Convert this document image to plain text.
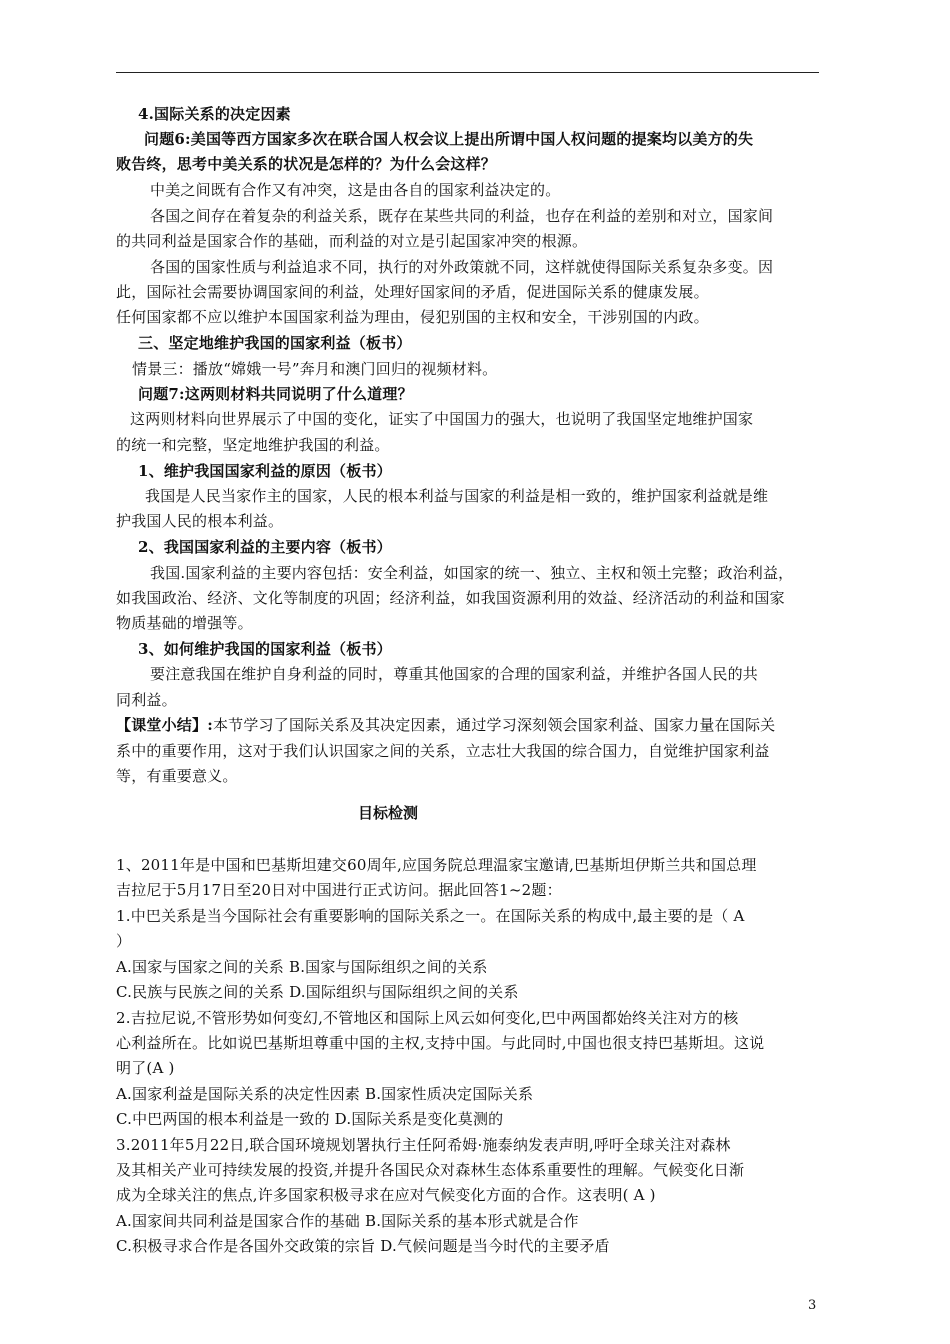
4.国际关系的决定因素
问题6:美国等西方国家多次在联合国人权会议上提出所谓中国人权问题的提案均以美方的失
败告终，思考中美关系的状况是怎样的？为什么会这样？
中美之间既有合作又有冲突，这是由各自的国家利益决定的。
各国之间存在着复杂的利益关系，既存在某些共同的利益，也存在利益的差别和对立，国家间
的共同利益是国家合作的基础，而利益的对立是引起国家冲突的根源。
各国的国家性质与利益追求不同，执行的对外政策就不同，这样就使得国际关系复杂多变。因
此，国际社会需要协调国家间的利益，处理好国家间的矛盾，促进国际关系的健康发展。
任何国家都不应以维护本国国家利益为理由，侵犯别国的主权和安全，干涉别国的内政。
三、坚定地维护我国的国家利益（板书）
情景三：播放“嫦娥一号”奔月和澳门回归的视频材料。
问题7:这两则材料共同说明了什么道理？
这两则材料向世界展示了中国的变化，证实了中国国力的强大，也说明了我国坚定地维护国家
的统一和完整，坚定地维护我国的利益。
1、维护我国国家利益的原因（板书）
我国是人民当家作主的国家，人民的根本利益与国家的利益是相一致的，维护国家利益就是维
护我国人民的根本利益。
2、我国国家利益的主要内容（板书）
我国.国家利益的主要内容包括：安全利益，如国家的统一、独立、主权和领土完整；政治利益，
如我国政治、经济、文化等制度的巩固；经济利益，如我国资源利用的效益、经济活动的利益和国家
物质基础的增强等。
3、如何维护我国的国家利益（板书）
要注意我国在维护自身利益的同时，尊重其他国家的合理的国家利益，并维护各国人民的共
同利益。
系中的重要作用，这对于我们认识国家之间的关系，立志壮大我国的综合国力，自觉维护国家利益
等，有重要意义。
1、2011年是中国和巴基斯坦建交60周年,应国务院总理温家宝邀请,巴基斯坦伊斯兰共和国总理
吉拉尼于5月17日至20日对中国进行正式访问。据此回答1~2题：
1.中巴关系是当今国际社会有重要影响的国际关系之一。在国际关系的构成中,最主要的是（ A
）
A.国家与国家之间的关系 B.国家与国际组织之间的关系
C.民族与民族之间的关系 D.国际组织与国际组织之间的关系
2.吉拉尼说,不管形势如何变幻,不管地区和国际上风云如何变化,巴中两国都始终关注对方的核
心利益所在。比如说巴基斯坦尊重中国的主权,支持中国。与此同时,中国也很支持巴基斯坦。这说
明了(A )
A.国家利益是国际关系的决定性因素 B.国家性质决定国际关系
C.中巴两国的根本利益是一致的 D.国际关系是变化莫测的
3.2011年5月22日,联合国环境规划署执行主任阿希姆·施泰纳发表声明,呼吁全球关注对森林
及其相关产业可持续发展的投资,并提升各国民众对森林生态体系重要性的理解。气候变化日渐
成为全球关注的焦点,许多国家积极寻求在应对气候变化方面的合作。这表明( A )
A.国家间共同利益是国家合作的基础 B.国际关系的基本形式就是合作
C.积极寻求合作是各国外交政策的宗旨 D.气候问题是当今时代的主要矛盾
【课堂小结】:本节学习了国际关系及其决定因素，通过学习深刻领会国家利益、国家力量在国际关
目标检测
3
